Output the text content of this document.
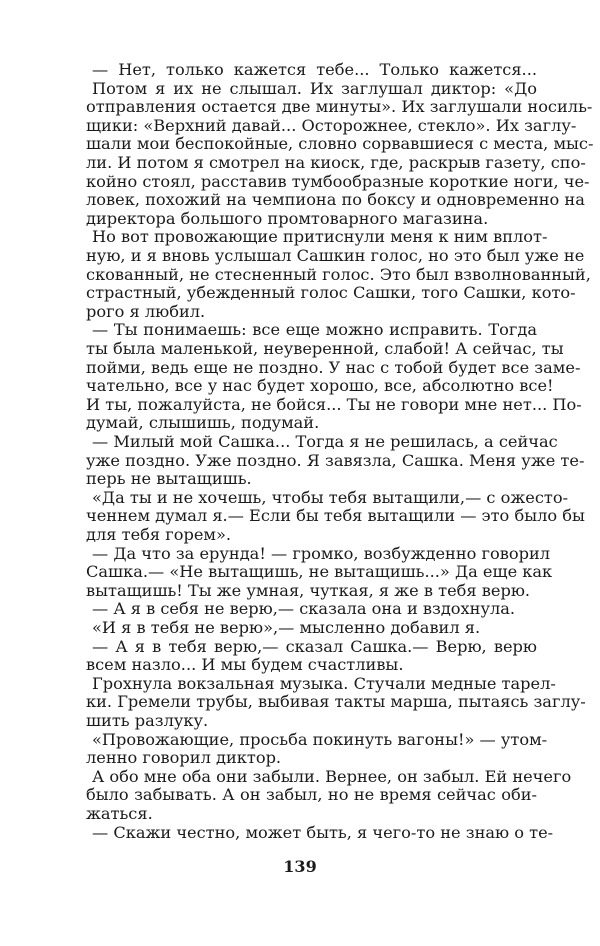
— Нет, только кажется тебе... Только кажется...
Потом я их не слышал. Их заглушал диктор: «До
отправления остается две минуты». Их заглушали носиль-
щики: «Верхний давай... Осторожнее, стекло». Их заглу-
шали мои беспокойные, словно сорвавшиеся с места, мыс-
ли. И потом я смотрел на киоск, где, раскрыв газету, спо-
койно стоял, расставив тумбообразные короткие ноги, че-
ловек, похожий на чемпиона по боксу и одновременно на
директора большого промтоварного магазина.
Но вот провожающие притиснули меня к ним вплот-
ную, и я вновь услышал Сашкин голос, но это был уже не
скованный, не стесненный голос. Это был взволнованный,
страстный, убежденный голос Сашки, того Сашки, кото-
рого я любил.
— Ты понимаешь: все еще можно исправить. Тогда
ты была маленькой, неуверенной, слабой! А сейчас, ты
пойми, ведь еще не поздно. У нас с тобой будет все заме-
чательно, все у нас будет хорошо, все, абсолютно все!
И ты, пожалуйста, не бойся... Ты не говори мне нет... По-
думай, слышишь, подумай.
— Милый мой Сашка... Тогда я не решилась, а сейчас
уже поздно. Уже поздно. Я завязла, Сашка. Меня уже те-
перь не вытащишь.
«Да ты и не хочешь, чтобы тебя вытащили,— с ожесто-
ченнем думал я.— Если бы тебя вытащили — это было бы
для тебя горем».
— Да что за ерунда! — громко, возбужденно говорил
Сашка.— «Не вытащишь, не вытащишь...» Да еще как
вытащишь! Ты же умная, чуткая, я же в тебя верю.
— А я в себя не верю,— сказала она и вздохнула.
«И я в тебя не верю»,— мысленно добавил я.
— А я в тебя верю,— сказал Сашка.— Верю, верю
всем назло... И мы будем счастливы.
Грохнула вокзальная музыка. Стучали медные тарел-
ки. Гремели трубы, выбивая такты марша, пытаясь заглу-
шить разлуку.
«Провожающие, просьба покинуть вагоны!» — утом-
ленно говорил диктор.
А обо мне оба они забыли. Вернее, он забыл. Ей нечего
было забывать. А он забыл, но не время сейчас оби-
жаться.
— Скажи честно, может быть, я чего-то не знаю о те-
139
